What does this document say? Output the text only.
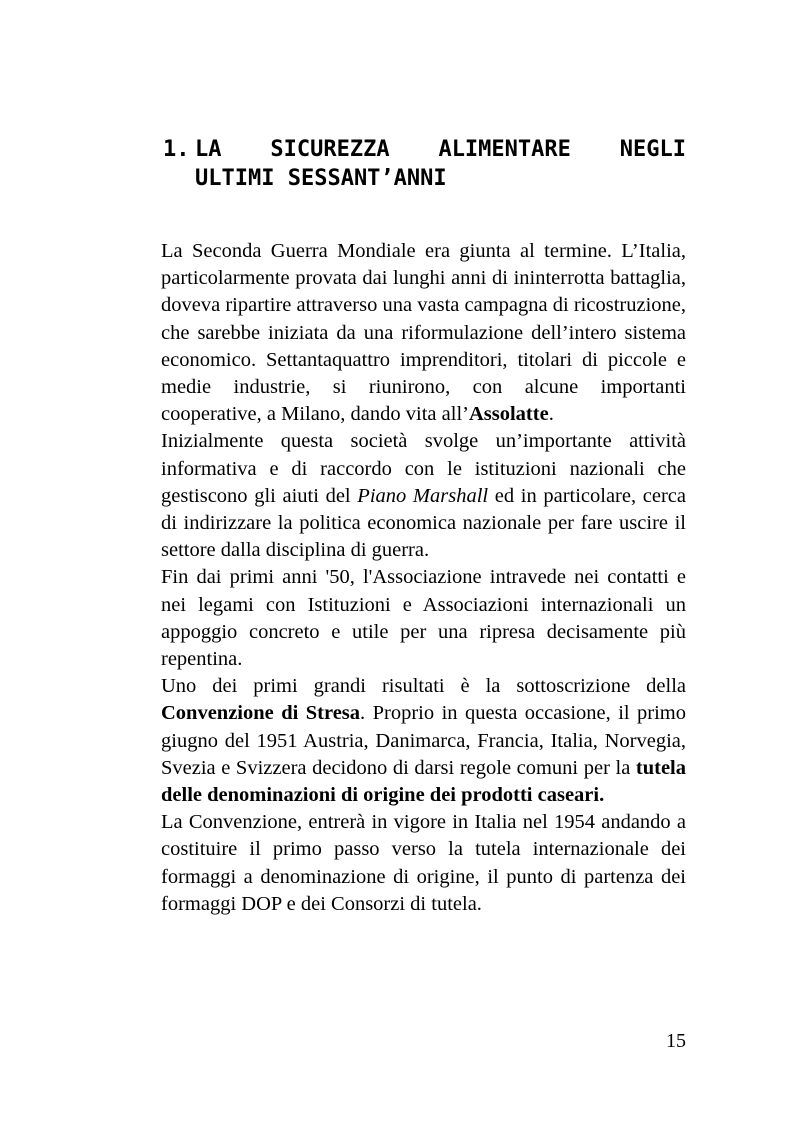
1. LA SICUREZZA ALIMENTARE NEGLI
ULTIMI SESSANT’ANNI

La Seconda Guerra Mondiale era giunta al termine. L’Italia, particolarmente provata dai lunghi anni di ininterrotta battaglia, doveva ripartire attraverso una vasta campagna di ricostruzione, che sarebbe iniziata da una riformulazione dell’intero sistema economico. Settantaquattro imprenditori, titolari di piccole e medie industrie, si riunirono, con alcune importanti cooperative, a Milano, dando vita all’Assolatte.

Inizialmente questa società svolge un’importante attività informativa e di raccordo con le istituzioni nazionali che gestiscono gli aiuti del Piano Marshall ed in particolare, cerca di indirizzare la politica economica nazionale per fare uscire il settore dalla disciplina di guerra.

Fin dai primi anni '50, l'Associazione intravede nei contatti e nei legami con Istituzioni e Associazioni internazionali un appoggio concreto e utile per una ripresa decisamente più repentina.

Uno dei primi grandi risultati è la sottoscrizione della Convenzione di Stresa. Proprio in questa occasione, il primo giugno del 1951 Austria, Danimarca, Francia, Italia, Norvegia, Svezia e Svizzera decidono di darsi regole comuni per la tutela delle denominazioni di origine dei prodotti caseari.

La Convenzione, entrerà in vigore in Italia nel 1954 andando a costituire il primo passo verso la tutela internazionale dei formaggi a denominazione di origine, il punto di partenza dei formaggi DOP e dei Consorzi di tutela.

15
